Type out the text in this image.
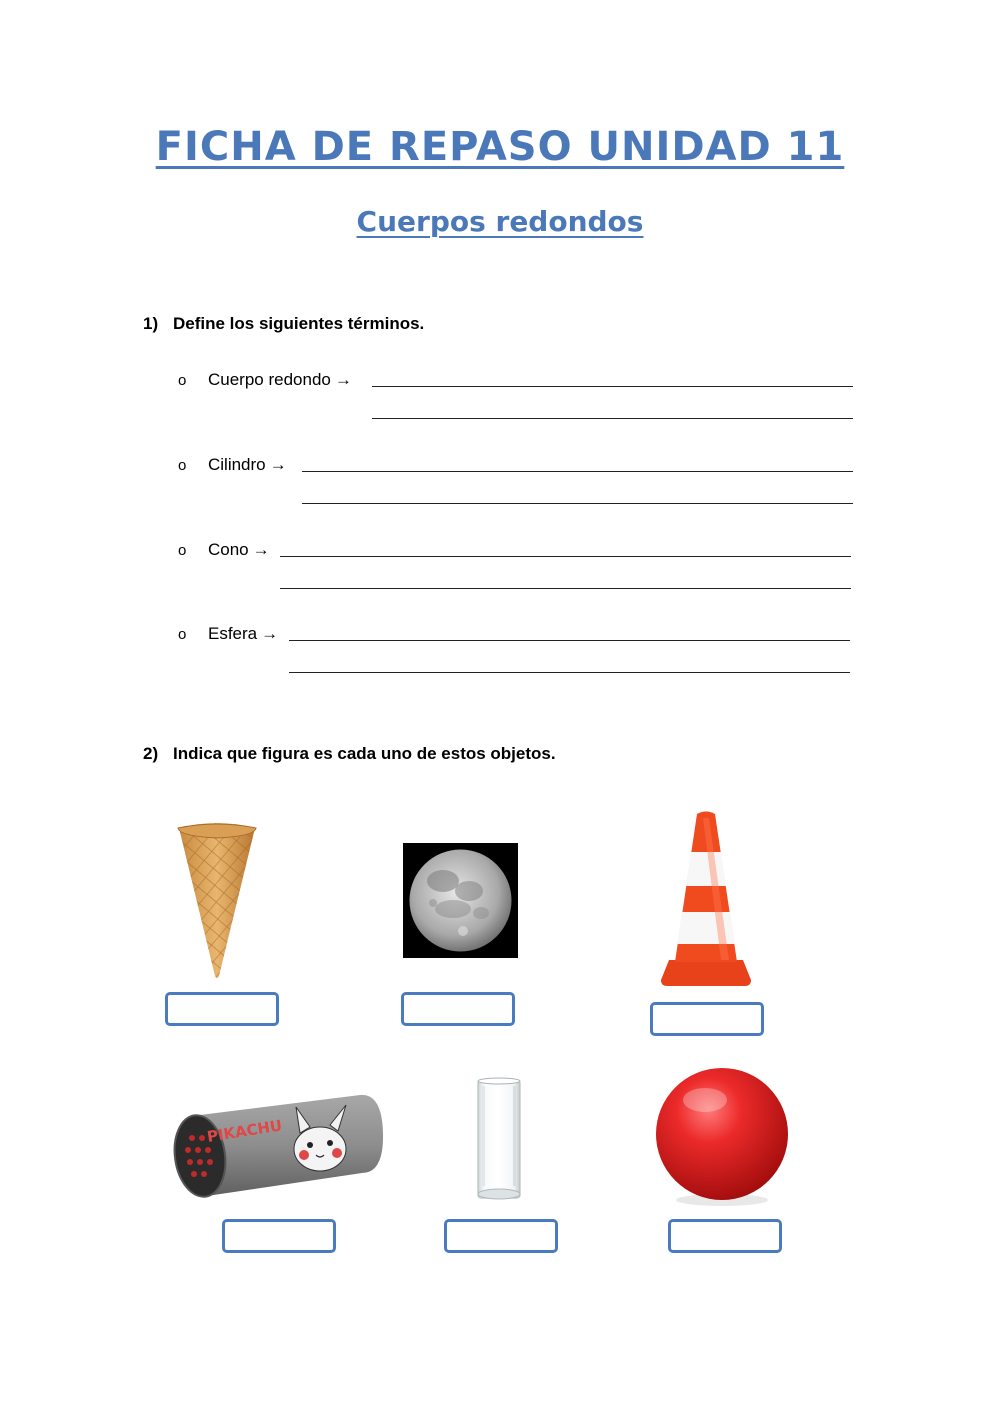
FICHA DE REPASO UNIDAD 11
Cuerpos redondos
1) Define los siguientes términos.
o Cuerpo redondo →
o Cilindro →
o Cono →
o Esfera →
2) Indica que figura es cada uno de estos objetos.
PIKACHU
